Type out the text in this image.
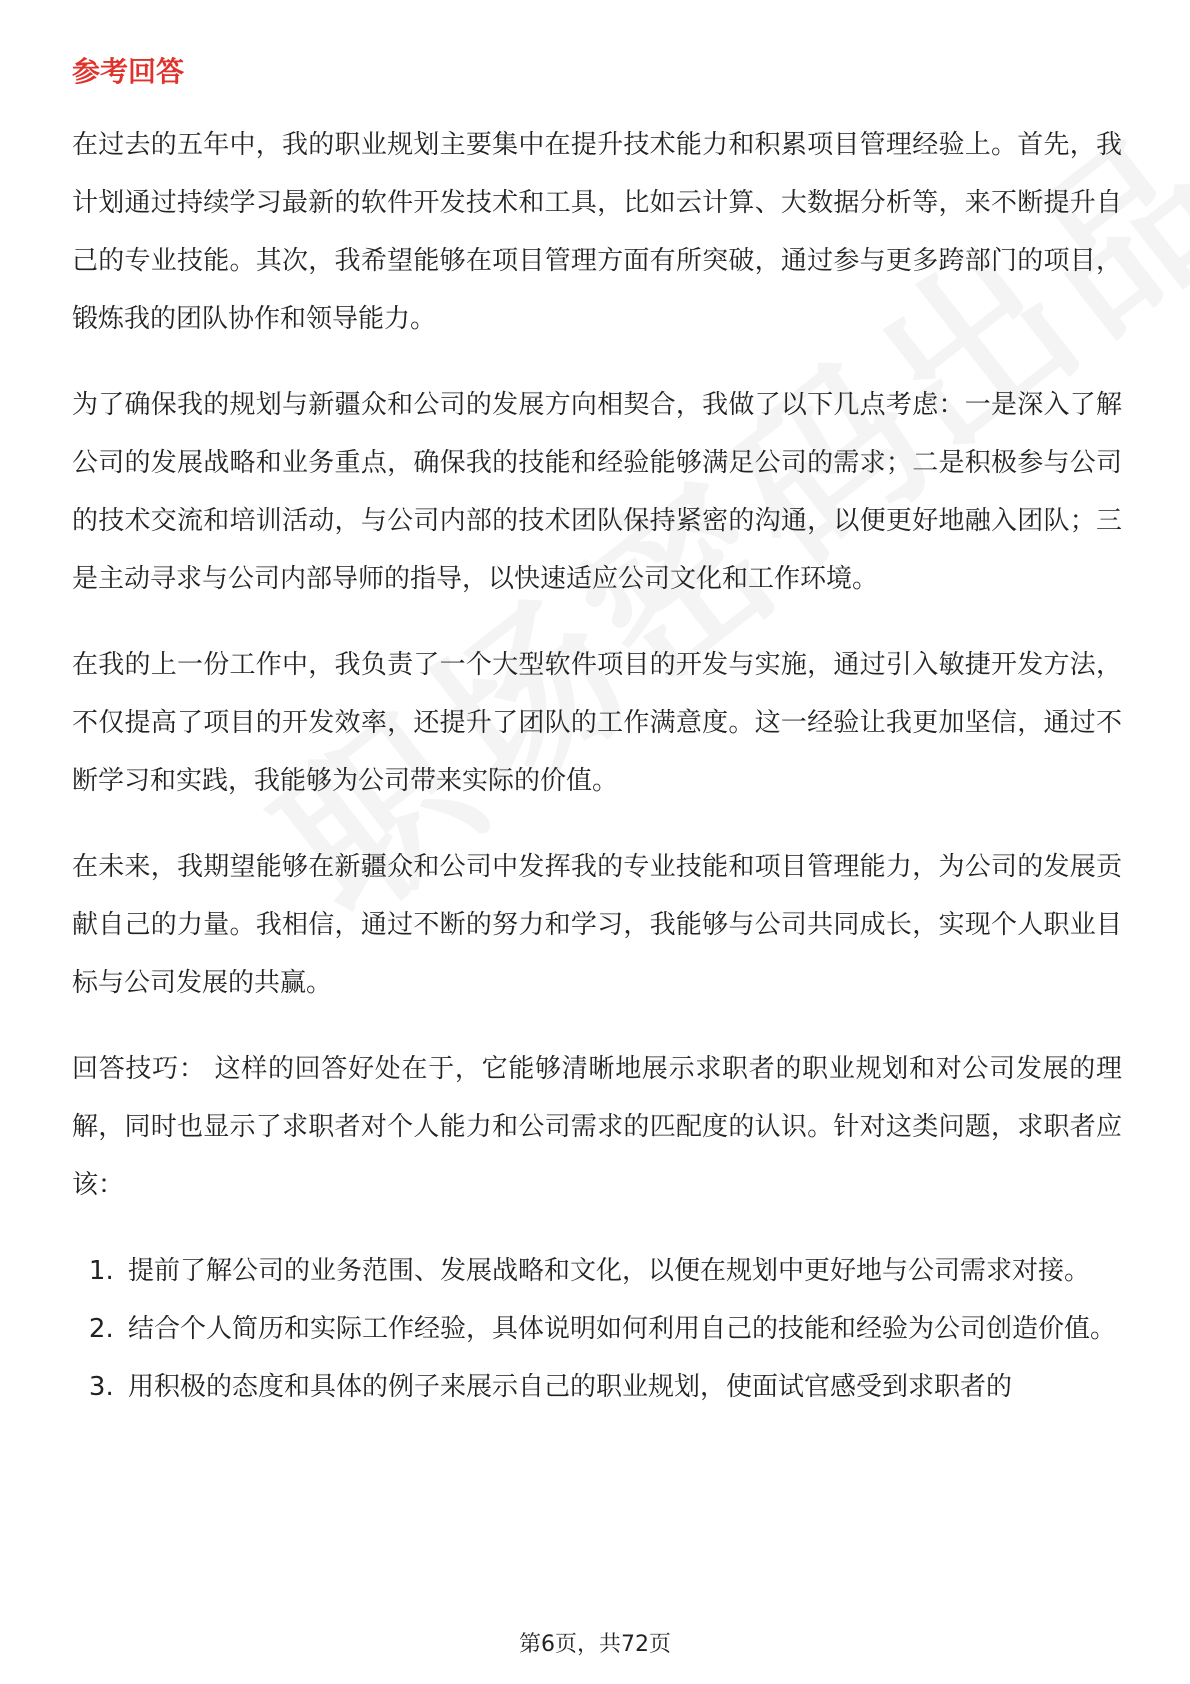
参考回答

在过去的五年中，我的职业规划主要集中在提升技术能力和积累项目管理经验上。首先，我计划通过持续学习最新的软件开发技术和工具，比如云计算、大数据分析等，来不断提升自己的专业技能。其次，我希望能够在项目管理方面有所突破，通过参与更多跨部门的项目，锻炼我的团队协作和领导能力。

为了确保我的规划与新疆众和公司的发展方向相契合，我做了以下几点考虑：一是深入了解公司的发展战略和业务重点，确保我的技能和经验能够满足公司的需求；二是积极参与公司的技术交流和培训活动，与公司内部的技术团队保持紧密的沟通，以便更好地融入团队；三是主动寻求与公司内部导师的指导，以快速适应公司文化和工作环境。

在我的上一份工作中，我负责了一个大型软件项目的开发与实施，通过引入敏捷开发方法，不仅提高了项目的开发效率，还提升了团队的工作满意度。这一经验让我更加坚信，通过不断学习和实践，我能够为公司带来实际的价值。

在未来，我期望能够在新疆众和公司中发挥我的专业技能和项目管理能力，为公司的发展贡献自己的力量。我相信，通过不断的努力和学习，我能够与公司共同成长，实现个人职业目标与公司发展的共赢。

回答技巧： 这样的回答好处在于，它能够清晰地展示求职者的职业规划和对公司发展的理解，同时也显示了求职者对个人能力和公司需求的匹配度的认识。针对这类问题，求职者应该：

1. 提前了解公司的业务范围、发展战略和文化，以便在规划中更好地与公司需求对接。
2. 结合个人简历和实际工作经验，具体说明如何利用自己的技能和经验为公司创造价值。
3. 用积极的态度和具体的例子来展示自己的职业规划，使面试官感受到求职者的
第6页，共72页
